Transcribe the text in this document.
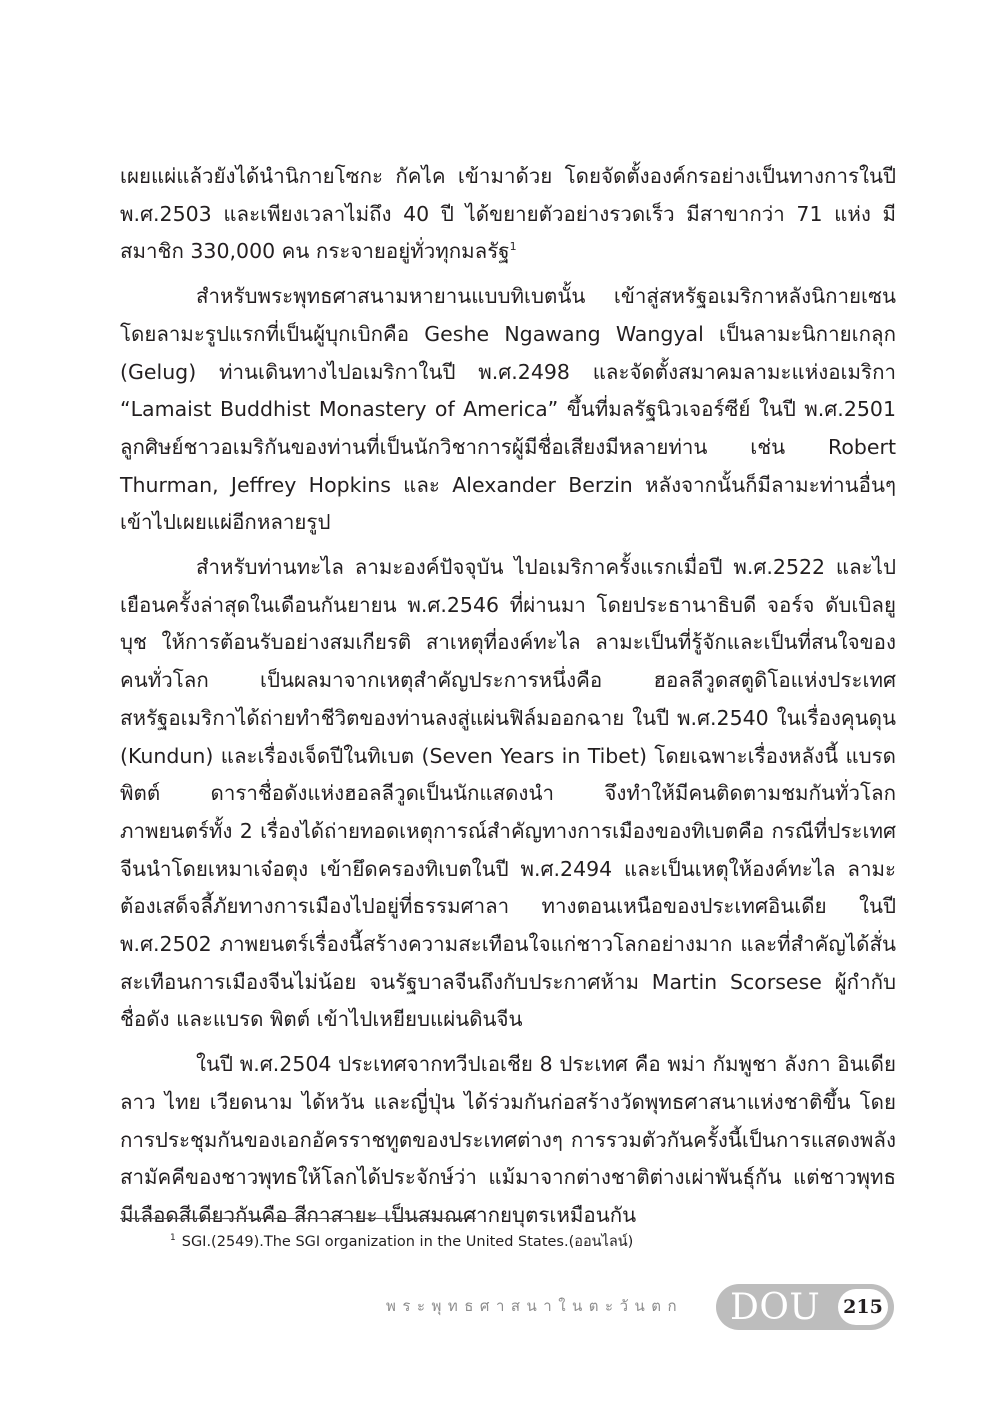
เผยแผ่แล้วยังได้นำนิกายโซกะ กัคไค เข้ามาด้วย โดยจัดตั้งองค์กรอย่างเป็นทางการในปี พ.ศ.2503 และเพียงเวลาไม่ถึง 40 ปี ได้ขยายตัวอย่างรวดเร็ว มีสาขากว่า 71 แห่ง มีสมาชิก 330,000 คน กระจายอยู่ทั่วทุกมลรัฐ$^1$

สำหรับพระพุทธศาสนามหายานแบบทิเบตนั้น เข้าสู่สหรัฐอเมริกาหลังนิกายเซน โดยลามะรูปแรกที่เป็นผู้บุกเบิกคือ Geshe Ngawang Wangyal เป็นลามะนิกายเกลุก (Gelug) ท่านเดินทางไปอเมริกาในปี พ.ศ.2498 และจัดตั้งสมาคมลามะแห่งอเมริกา “Lamaist Buddhist Monastery of America” ขึ้นที่มลรัฐนิวเจอร์ซีย์ ในปี พ.ศ.2501 ลูกศิษย์ชาวอเมริกันของท่านที่เป็นนักวิชาการผู้มีชื่อเสียงมีหลายท่าน เช่น Robert Thurman, Jeffrey Hopkins และ Alexander Berzin หลังจากนั้นก็มีลามะท่านอื่นๆเข้าไปเผยแผ่อีกหลายรูป

สำหรับท่านทะไล ลามะองค์ปัจจุบัน ไปอเมริกาครั้งแรกเมื่อปี พ.ศ.2522 และไปเยือนครั้งล่าสุดในเดือนกันยายน พ.ศ.2546 ที่ผ่านมา โดยประธานาธิบดี จอร์จ ดับเบิลยู บุช ให้การต้อนรับอย่างสมเกียรติ สาเหตุที่องค์ทะไล ลามะเป็นที่รู้จักและเป็นที่สนใจของคนทั่วโลก เป็นผลมาจากเหตุสำคัญประการหนึ่งคือ ฮอลลีวูดสตูดิโอแห่งประเทศสหรัฐอเมริกาได้ถ่ายทำชีวิตของท่านลงสู่แผ่นฟิล์มออกฉาย ในปี พ.ศ.2540 ในเรื่องคุนดุน (Kundun) และเรื่องเจ็ดปีในทิเบต (Seven Years in Tibet) โดยเฉพาะเรื่องหลังนี้ แบรด พิตต์ ดาราชื่อดังแห่งฮอลลีวูดเป็นนักแสดงนำ จึงทำให้มีคนติดตามชมกันทั่วโลก ภาพยนตร์ทั้ง 2 เรื่องได้ถ่ายทอดเหตุการณ์สำคัญทางการเมืองของทิเบตคือ กรณีที่ประเทศจีนนำโดยเหมาเจ๋อตุง เข้ายึดครองทิเบตในปี พ.ศ.2494 และเป็นเหตุให้องค์ทะไล ลามะต้องเสด็จลี้ภัยทางการเมืองไปอยู่ที่ธรรมศาลา ทางตอนเหนือของประเทศอินเดีย ในปี พ.ศ.2502 ภาพยนตร์เรื่องนี้สร้างความสะเทือนใจแก่ชาวโลกอย่างมาก และที่สำคัญได้สั่นสะเทือนการเมืองจีนไม่น้อย จนรัฐบาลจีนถึงกับประกาศห้าม Martin Scorsese ผู้กำกับชื่อดัง และแบรด พิตต์ เข้าไปเหยียบแผ่นดินจีน

ในปี พ.ศ.2504 ประเทศจากทวีปเอเชีย 8 ประเทศ คือ พม่า กัมพูชา ลังกา อินเดีย ลาว ไทย เวียดนาม ได้หวัน และญี่ปุ่น ได้ร่วมกันก่อสร้างวัดพุทธศาสนาแห่งชาติขึ้น โดยการประชุมกันของเอกอัครราชทูตของประเทศต่างๆ การรวมตัวกันครั้งนี้เป็นการแสดงพลังสามัคคีของชาวพุทธให้โลกได้ประจักษ์ว่า แม้มาจากต่างชาติต่างเผ่าพันธุ์กัน แต่ชาวพุทธมีเลือดสีเดียวกันคือ สีกาสายะ เป็นสมณศากยบุตรเหมือนกัน

$^1$ SGI.(2549).The SGI organization in the United States.(ออนไลน์)
พระพุทธศาสนาในตะวันตก	DOU 215
